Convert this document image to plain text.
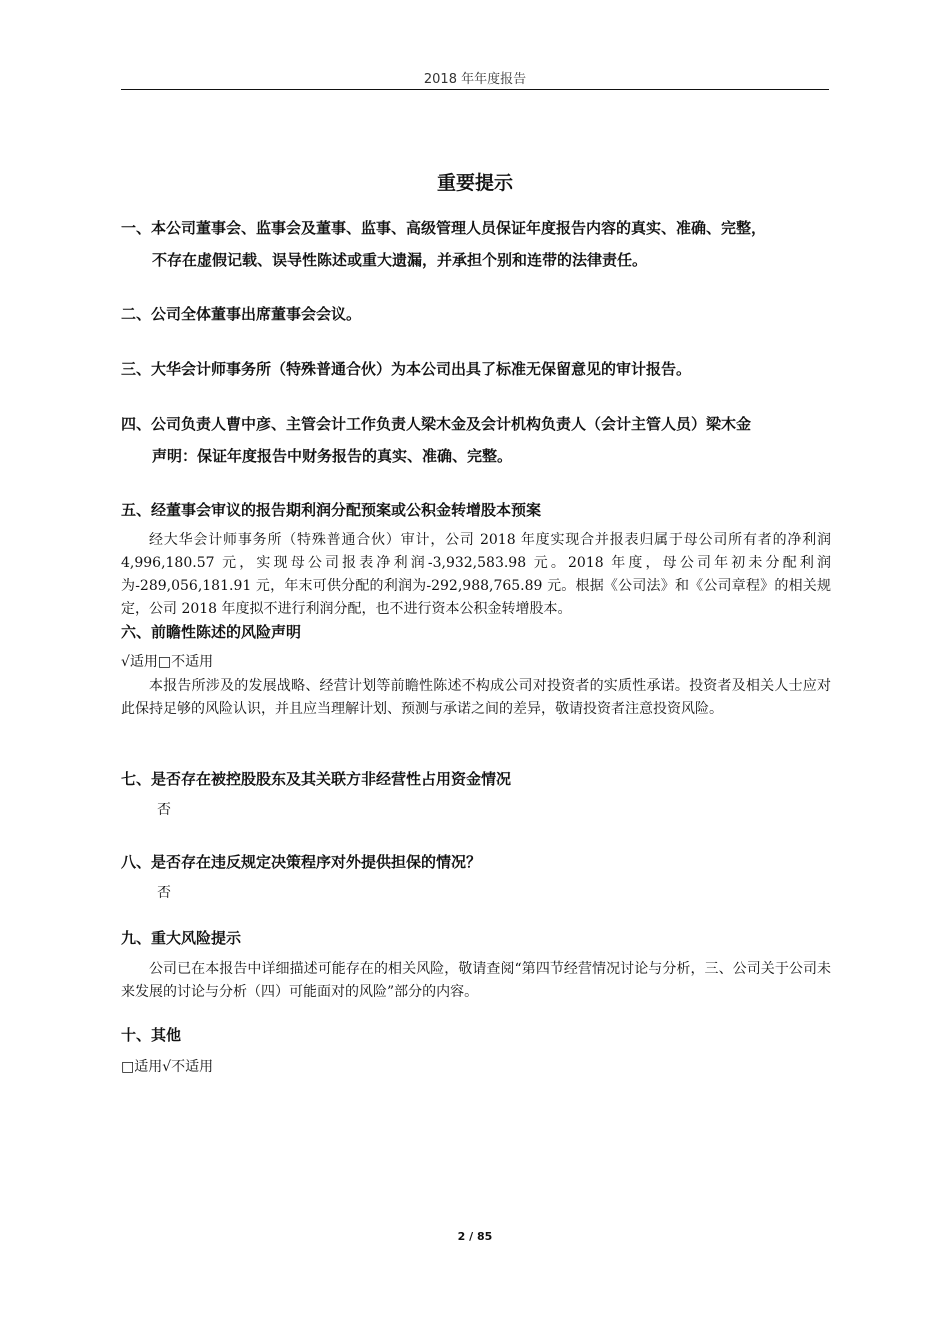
2018 年年度报告
重要提示
一、本公司董事会、监事会及董事、监事、高级管理人员保证年度报告内容的真实、准确、完整，
不存在虚假记载、误导性陈述或重大遗漏，并承担个别和连带的法律责任。
二、公司全体董事出席董事会会议。
三、大华会计师事务所（特殊普通合伙）为本公司出具了标准无保留意见的审计报告。
四、公司负责人曹中彦、主管会计工作负责人梁木金及会计机构负责人（会计主管人员）梁木金
声明：保证年度报告中财务报告的真实、准确、完整。
五、经董事会审议的报告期利润分配预案或公积金转增股本预案
经大华会计师事务所（特殊普通合伙）审计，公司 2018 年度实现合并报表归属于母公司所有者的净利润 4,996,180.57 元，实现母公司报表净利润-3,932,583.98 元。2018 年度，母公司年初未分配利润为-289,056,181.91 元，年末可供分配的利润为-292,988,765.89 元。根据《公司法》和《公司章程》的相关规定，公司 2018 年度拟不进行利润分配，也不进行资本公积金转增股本。
六、前瞻性陈述的风险声明
√适用□不适用
本报告所涉及的发展战略、经营计划等前瞻性陈述不构成公司对投资者的实质性承诺。投资者及相关人士应对此保持足够的风险认识，并且应当理解计划、预测与承诺之间的差异，敬请投资者注意投资风险。
七、是否存在被控股股东及其关联方非经营性占用资金情况
否
八、是否存在违反规定决策程序对外提供担保的情况？
否
九、重大风险提示
公司已在本报告中详细描述可能存在的相关风险，敬请查阅“第四节经营情况讨论与分析，三、公司关于公司未来发展的讨论与分析（四）可能面对的风险”部分的内容。
十、其他
□适用√不适用
2 / 85
